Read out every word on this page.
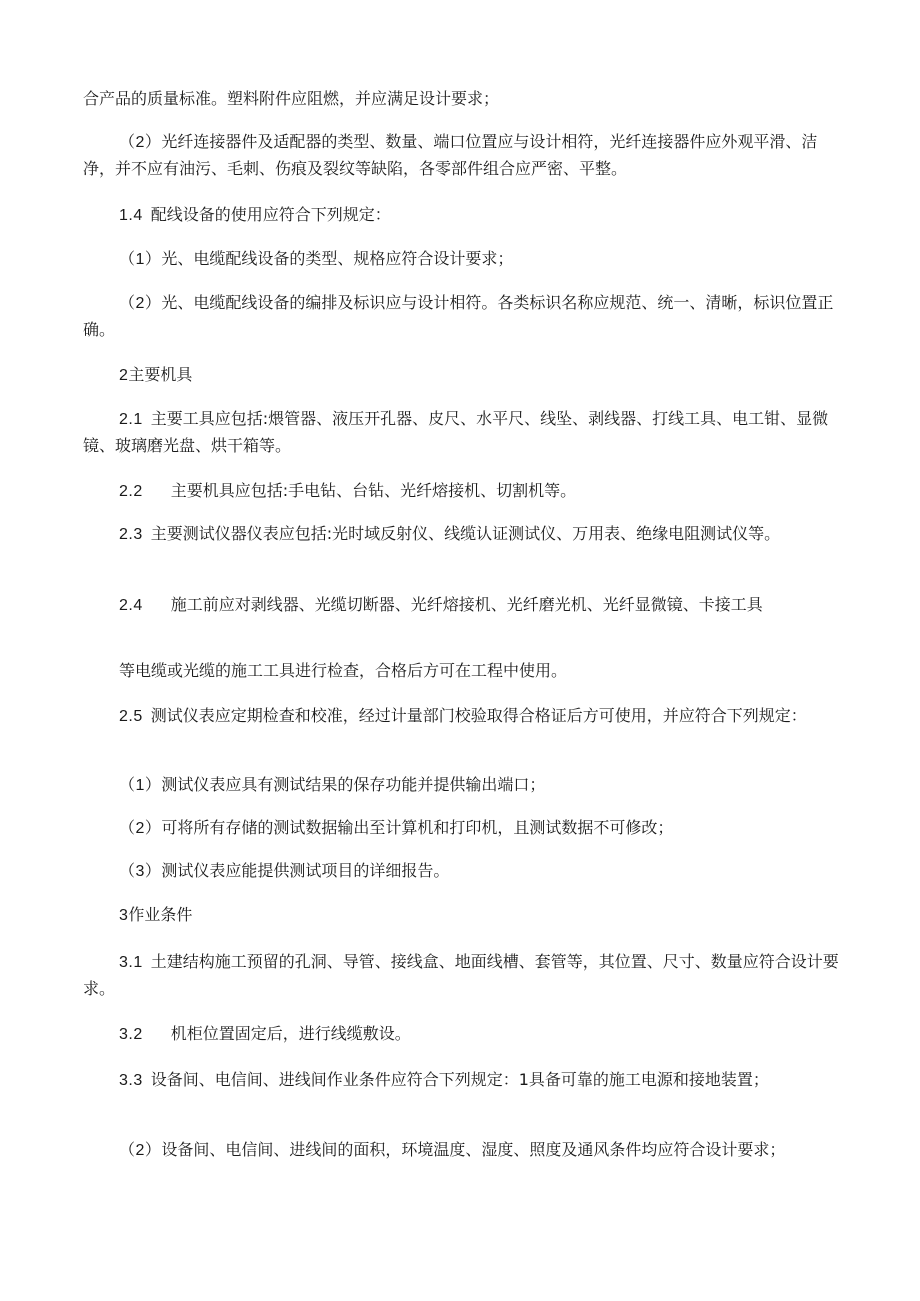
合产品的质量标准。塑料附件应阻燃，并应满足设计要求；

（2）光纤连接器件及适配器的类型、数量、端口位置应与设计相符，光纤连接器件应外观平滑、洁净，并不应有油污、毛刺、伤痕及裂纹等缺陷，各零部件组合应严密、平整。

1.4 配线设备的使用应符合下列规定：

（1）光、电缆配线设备的类型、规格应符合设计要求；

（2）光、电缆配线设备的编排及标识应与设计相符。各类标识名称应规范、统一、清晰，标识位置正确。

2主要机具

2.1 主要工具应包括:煨管器、液压开孔器、皮尺、水平尺、线坠、剥线器、打线工具、电工钳、显微镜、玻璃磨光盘、烘干箱等。

2.2 主要机具应包括:手电钻、台钻、光纤熔接机、切割机等。

2.3 主要测试仪器仪表应包括:光时域反射仪、线缆认证测试仪、万用表、绝缘电阻测试仪等。

2.4 施工前应对剥线器、光缆切断器、光纤熔接机、光纤磨光机、光纤显微镜、卡接工具

等电缆或光缆的施工工具进行检查，合格后方可在工程中使用。

2.5 测试仪表应定期检查和校准，经过计量部门校验取得合格证后方可使用，并应符合下列规定：

（1）测试仪表应具有测试结果的保存功能并提供输出端口；

（2）可将所有存储的测试数据输出至计算机和打印机，且测试数据不可修改；

（3）测试仪表应能提供测试项目的详细报告。

3作业条件

3.1 土建结构施工预留的孔洞、导管、接线盒、地面线槽、套管等，其位置、尺寸、数量应符合设计要求。

3.2 机柜位置固定后，进行线缆敷设。

3.3 设备间、电信间、进线间作业条件应符合下列规定：1具备可靠的施工电源和接地装置；

（2）设备间、电信间、进线间的面积，环境温度、湿度、照度及通风条件均应符合设计要求；
